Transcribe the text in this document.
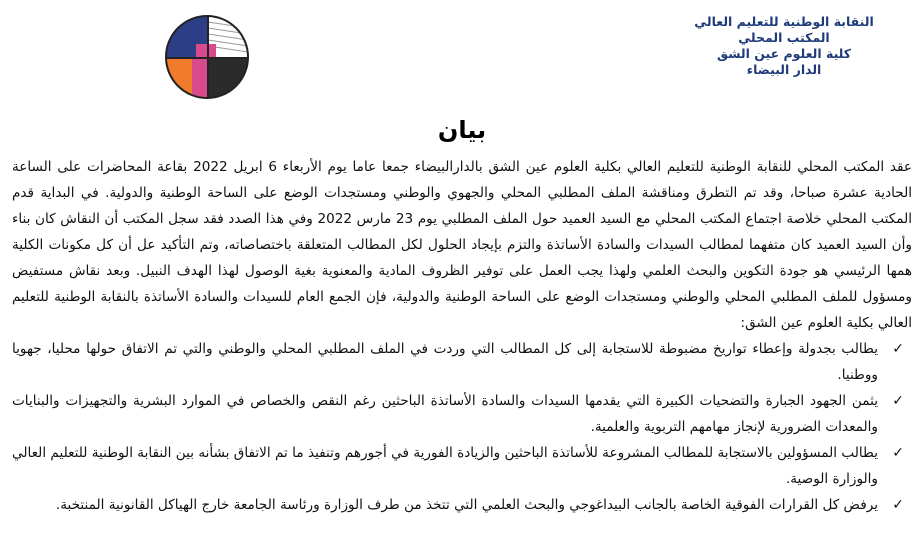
النقابة الوطنية للتعليم العالي
المكتب المحلي
كلية العلوم عين الشق
الدار البيضاء
بيان

عقد المكتب المحلي للنقابة الوطنية للتعليم العالي بكلية العلوم عين الشق بالدارالبيضاء جمعا عاما يوم الأربعاء 6 ابريل 2022 بقاعة المحاضرات على الساعة الحادية عشرة صباحا، وقد تم التطرق ومناقشة الملف المطلبي المحلي والجهوي والوطني ومستجدات الوضع على الساحة الوطنية والدولية. في البداية قدم المكتب المحلي خلاصة اجتماع المكتب المحلي مع السيد العميد حول الملف المطلبي يوم 23 مارس 2022 وفي هذا الصدد فقد سجل المكتب أن النقاش كان بناء وأن السيد العميد كان متفهما لمطالب السيدات والسادة الأساتذة والتزم بإيجاد الحلول لكل المطالب المتعلقة باختصاصاته، وتم التأكيد عل أن كل مكونات الكلية همها الرئيسي هو جودة التكوين والبحث العلمي ولهذا يجب العمل على توفير الظروف المادية والمعنوية بغية الوصول لهذا الهدف النبيل. وبعد نقاش مستفيض ومسؤول للملف المطلبي المحلي والوطني ومستجدات الوضع على الساحة الوطنية والدولية، فإن الجمع العام للسيدات والسادة الأساتذة بالنقابة الوطنية للتعليم العالي بكلية العلوم عين الشق:

✓
يطالب بجدولة وإعطاء تواريخ مضبوطة للاستجابة إلى كل المطالب التي وردت في الملف المطلبي المحلي والوطني والتي تم الاتفاق حولها محليا، جهويا ووطنيا.
✓
يثمن الجهود الجبارة والتضحيات الكبيرة التي يقدمها السيدات والسادة الأساتذة الباحثين رغم النقص والخصاص في الموارد البشرية والتجهيزات والبنايات والمعدات الضرورية لإنجاز مهامهم التربوية والعلمية.
✓
يطالب المسؤولين بالاستجابة للمطالب المشروعة للأساتذة الباحثين والزيادة الفورية في أجورهم وتنفيذ ما تم الاتفاق بشأنه بين النقابة الوطنية للتعليم العالي والوزارة الوصية.
✓
يرفض كل القرارات الفوقية الخاصة بالجانب البيداغوجي والبحث العلمي التي تتخذ من طرف الوزارة ورئاسة الجامعة خارج الهياكل القانونية المنتخبة.
